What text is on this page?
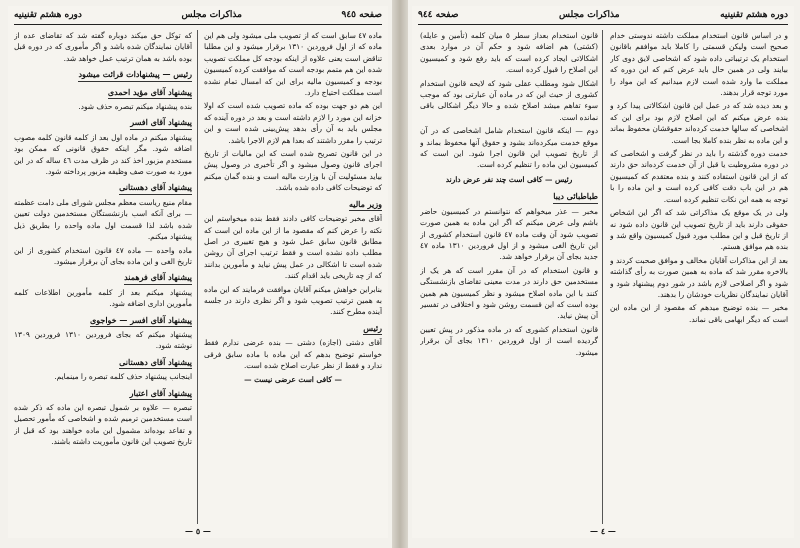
صفحه ٩٤٥
مذاکرات مجلس
دوره هشتم تقنینیه

ماده ٤٧ سابق است که از تصویب ملی میشود ولی هم این ماده که از اول فروردین ١٣١٠ برقرار میشود و این مطلبا تناقض است یعنی علاوه از اینکه بودجه کل مملکت تصویب شده این هم متمم بودجه است که موافقت کرده‌ کمیسیون بودجه و کمیسیون مالیه برای این که امسال تمام نشده است مملکت احتیاج دارد.

این هم دو جهت بوده که ماده تصویب شده است که اولا خزانه این مورد را لازم داشته است و بعد در دوره آینده که مجلس باید به آن رأی بدهد پیش‌بینی شده است و این ترتیب را مقرر داشتند که بعدا هم لازم الاجرا باشد.

در این قانون تصریح شده است که این مالیات از تاریخ اجرای قانون وصول میشود و اگر تأخیری در وصول پیش بیاید مسئولیت آن با وزارت مالیه است و بنده گمان میکنم که توضیحات کافی داده شده باشد.

وزیر مالیه

آقای مخبر توضیحات کافی دادند فقط بنده میخواستم این نکته را عرض کنم که مقصود ما از این ماده این است که مطابق قانون سابق عمل شود و هیچ تغییری در اصل مطلب داده نشده است و فقط ترتیب اجرای آن روشن شده است تا اشکالی در عمل پیش نیاید و مأمورین بدانند که از چه تاریخی باید اقدام کنند.

بنابراین خواهش میکنم آقایان موافقت فرمایند که این ماده به همین ترتیب تصویب شود و اگر نظری دارند در جلسه آینده مطرح کنند.

رئیس

آقای دشتی (اجازه) دشتی — بنده عرضی ندارم فقط خواستم توضیح بدهم که این ماده با ماده سابق فرقی ندارد و فقط از نظر عبارت اصلاح شده است.

— کافی است عرضی نیست —

که توکل حق میکند دوباره گفته شد که تقاضای عده از آقایان نمایندگان شده باشد و اگر مأموری که در دوره قبل بوده باشد به همان ترتیب عمل خواهد شد.

رئیس — پیشنهادات قرائت میشود
پیشنهاد آقای مؤید احمدی

بنده پیشنهاد میکنم تبصره حذف شود.

پیشنهاد آقای افسر

پیشنهاد میکنم در ماده اول بعد از کلمه قانون کلمه مصوب اضافه شود. مگر اینکه حقوق قانونی که ممکن بود مستخدم مزبور اخذ کند در ظرف مدت ٤٦ ساله که در این مورد به صورت صف وظیفه مزبور پرداخته شود.

پیشنهاد آقای دهستانی

مقام منیع ریاست معظم مجلس شورای ملی دامت عظمته — برای آنکه اسب بازنشستگان مستخدمین دولت تعیین شده باشد لذا قسمت اول ماده واحده را بطریق ذیل پیشنهاد میکنم.

ماده واحده — ماده ٤٧ قانون استخدام کشوری از این تاریخ الغی و این ماده بجای آن برقرار میشود.

پیشنهاد آقای فرهمند

پیشنهاد میکنم بعد از کلمه مأمورین اطلاعات کلمه مأمورین اداری اضافه شود.

پیشنهاد آقای افسر — خواجوی

پیشنهاد میکنم که بجای فروردین ١٣١٠ فروردین ١٣٠٩ نوشته شود.

پیشنهاد آقای دهستانی

اینجانب پیشنهاد حذف کلمه تبصره را مینمایم.

پیشنهاد آقای اعتبار

تبصره — علاوه بر شمول تبصره این ماده که ذکر شده است مستخدمین ترمیم شده و اشخاصی که مأمور تحصیل و تقاعد بوده‌اند مشمول این ماده خواهند بود که قبل از تاریخ تصویب این قانون مأموریت داشته باشند.

— ٥ —
دوره هشتم تقنینیه
مذاکرات مجلس
صفحه ٩٤٤

و در اساس قانون استخدام مملکت داشته ندوستی خدام صحیح است ولیکن قسمتی را کاملا باید موافقم باقانون استخدام یک ترتیباتی داده شود که اشخاصی لایق دوی کار بیایند ولی در همین حال باید عرض کنم که این دوره که مملکت ما وارد شده است لازم میدانیم که این مواد را مورد توجه قرار بدهند.

و بعد دیده شد که در عمل این قانون اشکالاتی پیدا کرد و بنده عرض میکنم که این اصلاح لازم بود برای این که اشخاصی که سالها خدمت کرده‌اند حقوقشان محفوظ بماند و این ماده به نظر بنده کاملا بجا است.

خدمت دوره گذشته را باید در نظر گرفت و اشخاصی که در دوره مشروطیت یا قبل از آن خدمت کرده‌اند حق دارند که از این قانون استفاده کنند و بنده معتقدم که کمیسیون هم در این باب دقت کافی کرده است و این ماده را با توجه به همه این نکات تنظیم کرده است.

ولی در یک موقع یک مذاکراتی شد که اگر این اشخاص حقوقی دارند باید از تاریخ تصویب این قانون داده شود نه از تاریخ قبل و این مطلب مورد قبول کمیسیون واقع شد و بنده هم موافق هستم.

بعد از این مذاکرات آقایان مخالف و موافق صحبت کردند و بالاخره مقرر شد که ماده به همین صورت به رأی گذاشته شود و اگر اصلاحی لازم باشد در شور دوم پیشنهاد شود و آقایان نمایندگان نظریات خودشان را بدهند.

مخبر — بنده توضیح میدهم که مقصود از این ماده این است که دیگر ابهامی باقی نماند.

قانون استخدام بعداز سطر ٥ میان کلمه (تأمین و عایله) (کشتی) هم اضافه شود و حکم آن در موارد بعدی اشکالاتی ایجاد کرده است که باید رفع شود و کمیسیون این اصلاح را قبول کرده است.

اشکال شود ومطلب عقلی شود که لایحه قانون استخدام کشوری از حیث این که در ماده آن عبارتی بود که موجب سوء تفاهم میشد اصلاح شده و حالا دیگر اشکالی باقی نمانده است.

دوم — اینکه قانون استخدام شامل اشخاصی که در آن موقع خدمت میکرده‌اند بشود و حقوق آنها محفوظ بماند و از تاریخ تصویب این قانون اجرا شود. این است که کمیسیون این ماده را تنظیم کرده است.

رئیس — کافی است چند نفر عرض دارند

طباطبائی دیبا

مخبر — عذر میخواهم که نتوانستم در کمیسیون حاضر باشم ولی عرض میکنم که اگر این ماده به همین صورت تصویب شود آن وقت ماده ٤٧ قانون استخدام کشوری از این تاریخ الغی میشود و از اول فروردین ١٣١٠ ماده ٤٧ جدید بجای آن برقرار خواهد شد.

و قانون استخدام که در آن مقرر است که هر یک از مستخدمین حق دارند در مدت معینی تقاضای بازنشستگی کنند با این ماده اصلاح میشود و نظر کمیسیون هم همین بوده است که این قسمت روشن شود و اختلافی در تفسیر آن پیش نیاید.

قانون استخدام کشوری که در ماده مذکور در پیش تعیین گردیده است از اول فروردین ١٣١٠ بجای آن برقرار میشود.

— ٤ —
